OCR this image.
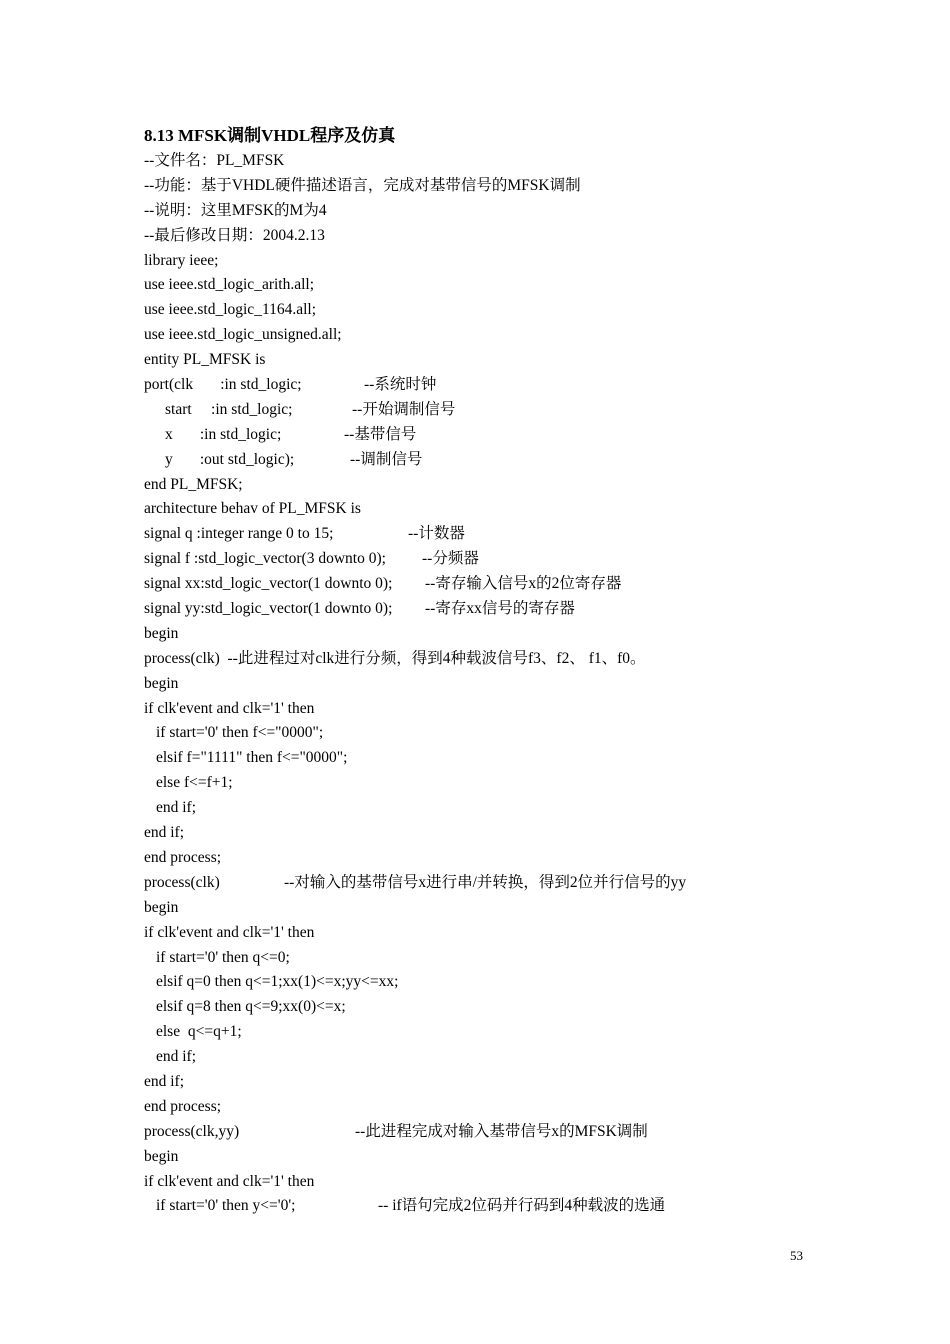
8.13 MFSK调制VHDL程序及仿真
--文件名：PL_MFSK
--功能：基于VHDL硬件描述语言，完成对基带信号的MFSK调制
--说明：这里MFSK的M为4
--最后修改日期：2004.2.13
library ieee;
use ieee.std_logic_arith.all;
use ieee.std_logic_1164.all;
use ieee.std_logic_unsigned.all;
entity PL_MFSK is
port(clk       :in std_logic;	--系统时钟
start     :in std_logic;	--开始调制信号
x       :in std_logic;	--基带信号
y       :out std_logic);	--调制信号
end PL_MFSK;
architecture behav of PL_MFSK is
signal q :integer range 0 to 15;	--计数器
signal f :std_logic_vector(3 downto 0); --分频器
signal xx:std_logic_vector(1 downto 0); --寄存输入信号x的2位寄存器
signal yy:std_logic_vector(1 downto 0); --寄存xx信号的寄存器
begin
process(clk)  --此进程过对clk进行分频，得到4种载波信号f3、f2、 f1、f0。
begin
if clk'event and clk='1' then
if start='0' then f<="0000";
elsif f="1111" then f<="0000";
else f<=f+1;
end if;
end if;
end process;
process(clk)	--对输入的基带信号x进行串/并转换，得到2位并行信号的yy
begin
if clk'event and clk='1' then
if start='0' then q<=0;
elsif q=0 then q<=1;xx(1)<=x;yy<=xx;
elsif q=8 then q<=9;xx(0)<=x;
else  q<=q+1;
end if;
end if;
end process;
process(clk,yy)	--此进程完成对输入基带信号x的MFSK调制
begin
if clk'event and clk='1' then
if start='0' then y<='0';	-- if语句完成2位码并行码到4种载波的选通
53
